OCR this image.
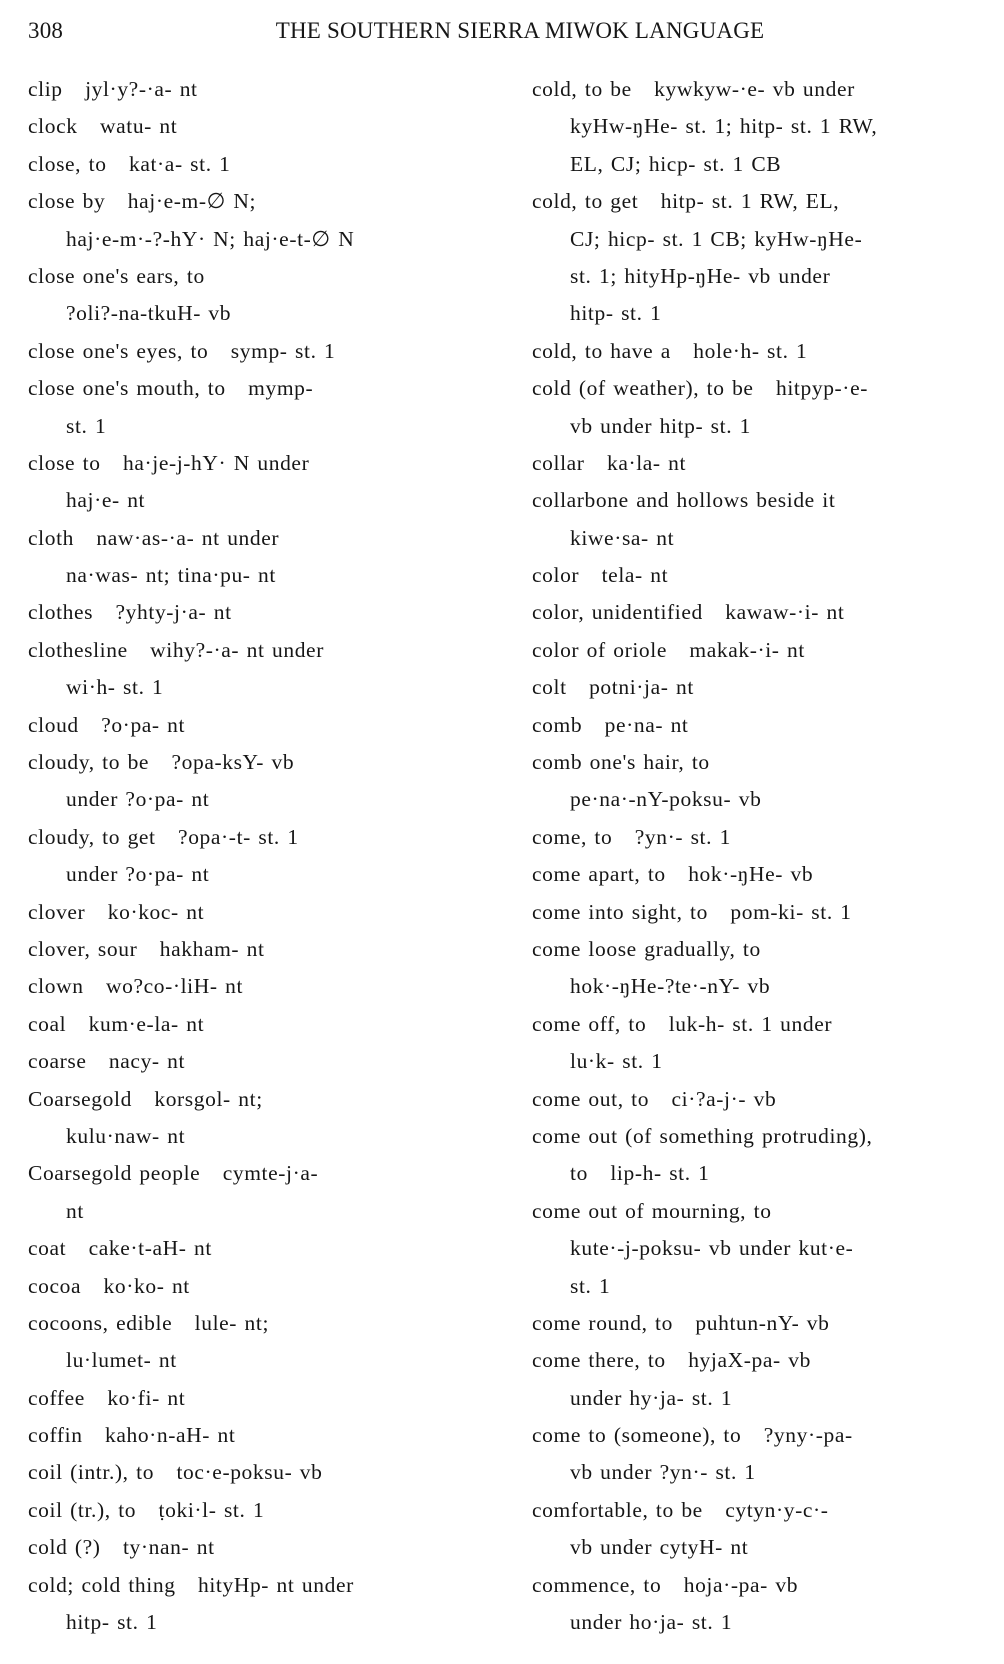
308	THE SOUTHERN SIERRA MIWOK LANGUAGE
clip   jyl·y?-·a- nt
clock   watu- nt
close, to   kat·a- st. 1
close by   haj·e-m-∅ N;
haj·e-m·-?-hY· N; haj·e-t-∅ N
close one's ears, to
?oli?-na-tkuH- vb
close one's eyes, to   symp- st. 1
close one's mouth, to   mymp-
st. 1
close to   ha·je-j-hY· N under
haj·e- nt
cloth   naw·as-·a- nt under
na·was- nt; tina·pu- nt
clothes   ?yhty-j·a- nt
clothesline   wihy?-·a- nt under
wi·h- st. 1
cloud   ?o·pa- nt
cloudy, to be   ?opa-ksY- vb
under ?o·pa- nt
cloudy, to get   ?opa·-t- st. 1
under ?o·pa- nt
clover   ko·koc- nt
clover, sour   hakham- nt
clown   wo?co-·liH- nt
coal   kum·e-la- nt
coarse   nacy- nt
Coarsegold   korsgol- nt;
kulu·naw- nt
Coarsegold people   cymte-j·a-
nt
coat   cake·t-aH- nt
cocoa   ko·ko- nt
cocoons, edible   lule- nt;
lu·lumet- nt
coffee   ko·fi- nt
coffin   kaho·n-aH- nt
coil (intr.), to   toc·e-poksu- vb
coil (tr.), to   ṭoki·l- st. 1
cold (?)   ty·nan- nt
cold; cold thing   hityHp- nt under
hitp- st. 1
cold, to be   kywkyw-·e- vb under
kyHw-ŋHe- st. 1; hitp- st. 1 RW,
EL, CJ; hicp- st. 1 CB
cold, to get   hitp- st. 1 RW, EL,
CJ; hicp- st. 1 CB; kyHw-ŋHe-
st. 1; hityHp-ŋHe- vb under
hitp- st. 1
cold, to have a   hole·h- st. 1
cold (of weather), to be   hitpyp-·e-
vb under hitp- st. 1
collar   ka·la- nt
collarbone and hollows beside it
kiwe·sa- nt
color   tela- nt
color, unidentified   kawaw-·i- nt
color of oriole   makak-·i- nt
colt   potni·ja- nt
comb   pe·na- nt
comb one's hair, to
pe·na·-nY-poksu- vb
come, to   ?yn·- st. 1
come apart, to   hok·-ŋHe- vb
come into sight, to   pom-ki- st. 1
come loose gradually, to
hok·-ŋHe-?te·-nY- vb
come off, to   luk-h- st. 1 under
lu·k- st. 1
come out, to   ci·?a-j·- vb
come out (of something protruding),
to   lip-h- st. 1
come out of mourning, to
kute·-j-poksu- vb under kut·e-
st. 1
come round, to   puhtun-nY- vb
come there, to   hyjaX-pa- vb
under hy·ja- st. 1
come to (someone), to   ?yny·-pa-
vb under ?yn·- st. 1
comfortable, to be   cytyn·y-c·-
vb under cytyH- nt
commence, to   hoja·-pa- vb
under ho·ja- st. 1
